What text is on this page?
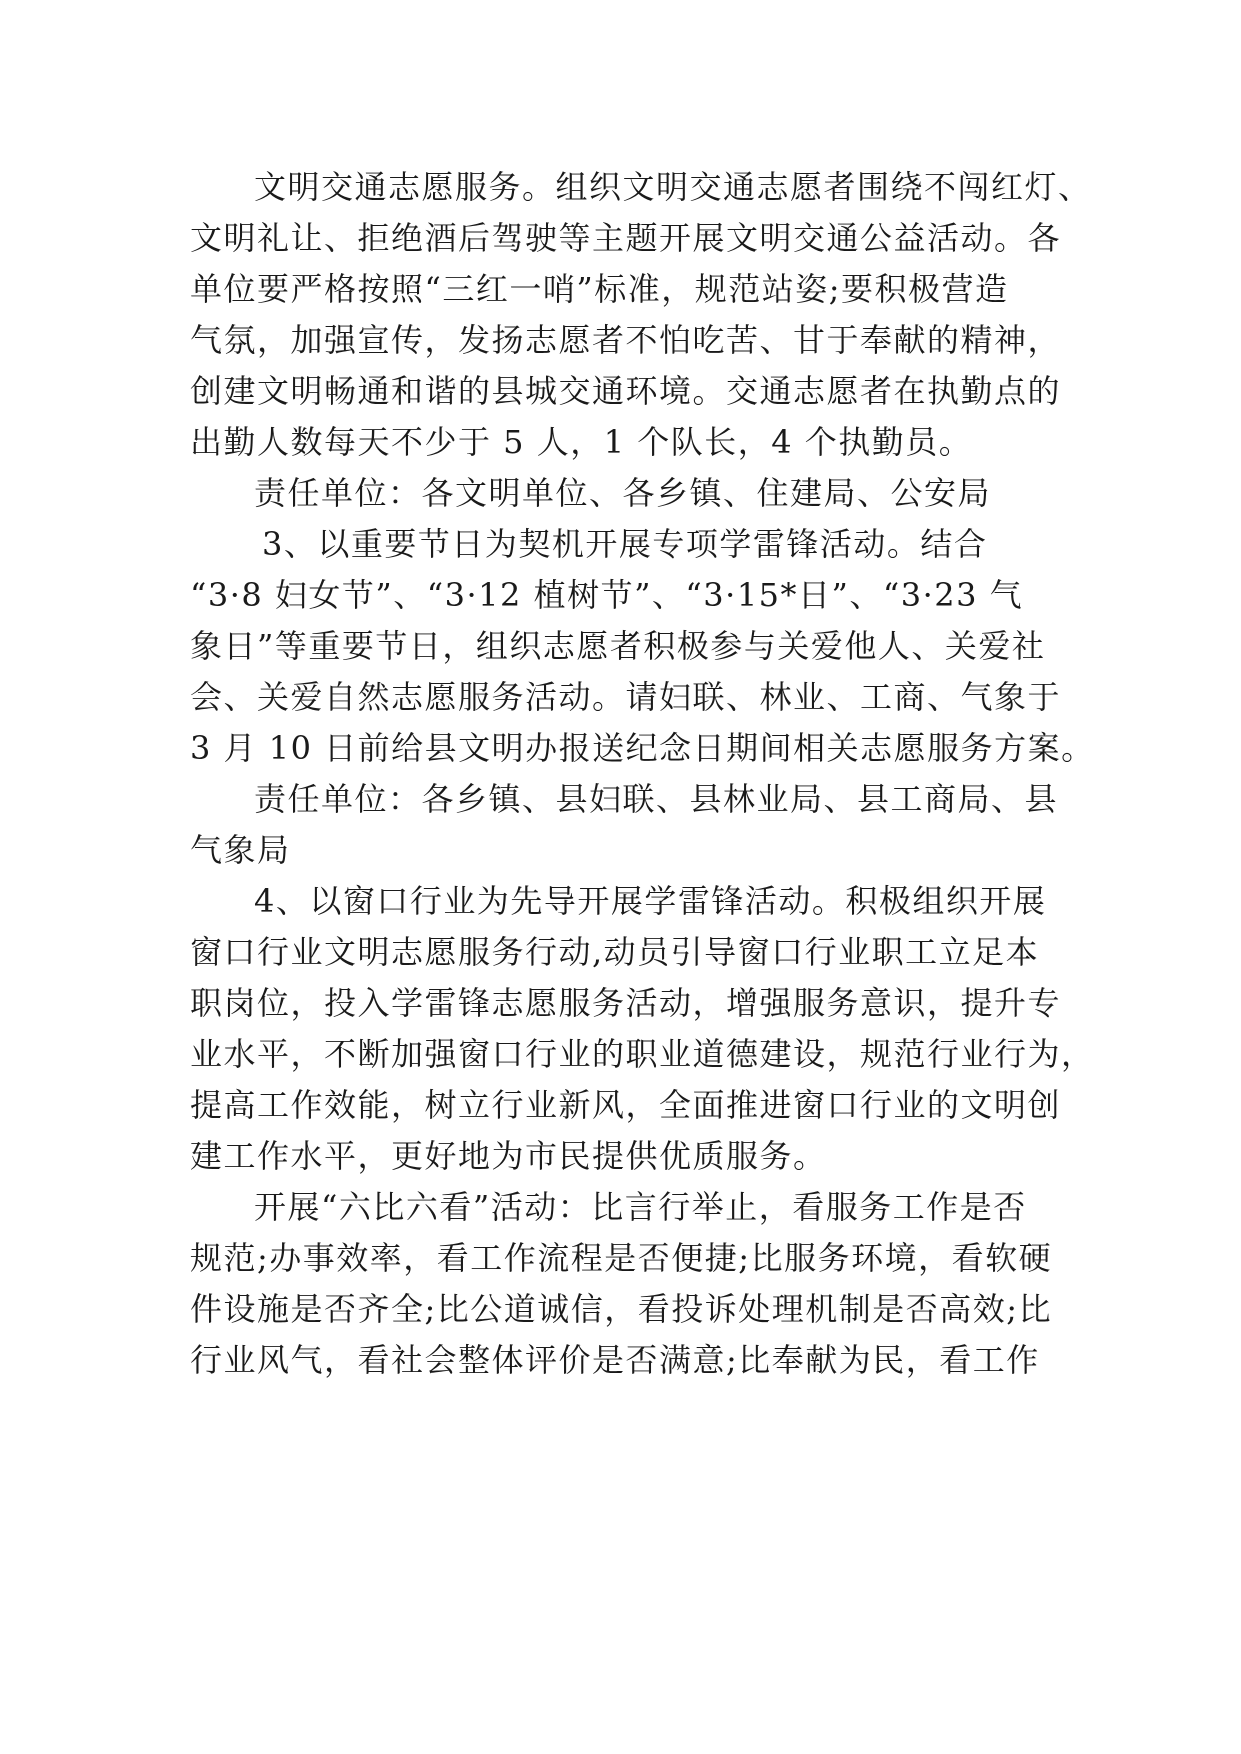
文明交通志愿服务。组织文明交通志愿者围绕不闯红灯、
文明礼让、拒绝酒后驾驶等主题开展文明交通公益活动。各
单位要严格按照“三红一哨”标准，规范站姿;要积极营造
气氛，加强宣传，发扬志愿者不怕吃苦、甘于奉献的精神，
创建文明畅通和谐的县城交通环境。交通志愿者在执勤点的
出勤人数每天不少于 5 人，1 个队长，4 个执勤员。
责任单位：各文明单位、各乡镇、住建局、公安局
3、以重要节日为契机开展专项学雷锋活动。结合
“3·8 妇女节”、“3·12 植树节”、“3·15*日”、“3·23 气
象日”等重要节日，组织志愿者积极参与关爱他人、关爱社
会、关爱自然志愿服务活动。请妇联、林业、工商、气象于
3 月 10 日前给县文明办报送纪念日期间相关志愿服务方案。
责任单位：各乡镇、县妇联、县林业局、县工商局、县
气象局
4、以窗口行业为先导开展学雷锋活动。积极组织开展
窗口行业文明志愿服务行动,动员引导窗口行业职工立足本
职岗位，投入学雷锋志愿服务活动，增强服务意识，提升专
业水平，不断加强窗口行业的职业道德建设，规范行业行为，
提高工作效能，树立行业新风，全面推进窗口行业的文明创
建工作水平，更好地为市民提供优质服务。
开展“六比六看”活动：比言行举止，看服务工作是否
规范;办事效率，看工作流程是否便捷;比服务环境，看软硬
件设施是否齐全;比公道诚信，看投诉处理机制是否高效;比
行业风气，看社会整体评价是否满意;比奉献为民，看工作
